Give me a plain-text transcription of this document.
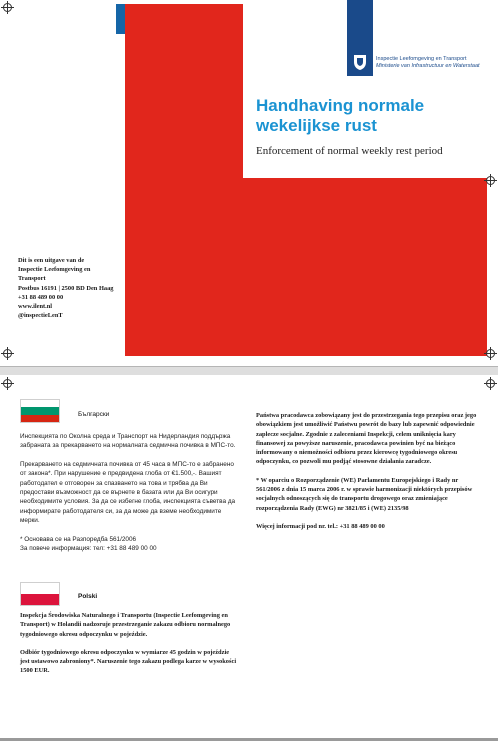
Inspectie Leefomgeving en Transport
Ministerie van Infrastructuur en Waterstaat
Handhaving normale
wekelijkse rust
Enforcement of normal weekly rest period
Dit is een uitgave van de
Inspectie Leefomgeving en
Transport
Postbus 16191 | 2500 BD Den Haag
+31 88 489 00 00
www.ilent.nl
@inspectieLenT
Български

Инспекцията по Околна среда и Транспорт на Нидерландия поддържа забраната за прекарването на нормалната седмична почивка в МПС-то.

Прекарването на седмичната почивка от 45 часа в МПС-то е забранено от закона*. При нарушение е предвидена глоба от €1.500,-. Вашият работодател е отговорен за спазването на това и трябва да Ви предостави възможност да се върнете в базата или да Ви осигури необходимите условия. За да се избегне глоба, инспекцията съветва да информирате работодателя си, за да може да вземе необходимите мерки.

* Основава се на Разпоредба 561/2006
За повече информация: тел: +31 88 489 00 00
Polski

Inspekcja Środowiska Naturalnego i Transportu (Inspectie Leefomgeving en Transport) w Holandii nadzoruje przestrzeganie zakazu odbioru normalnego tygodniowego okresu odpoczynku w pojeździe.

Odbiór tygodniowego okresu odpoczynku w wymiarze 45 godzin w pojeździe jest ustawowo zabroniony*. Naruszenie tego zakazu podlega karze w wysokości 1500 EUR.

Państwa pracodawca zobowiązany jest do przestrzegania tego przepisu oraz jego obowiązkiem jest umożliwić Państwu powrót do bazy lub zapewnić odpowiednie zaplecze socjalne. Zgodnie z zaleceniami Inspekcji, celem uniknięcia kary finansowej za powyższe naruszenie, pracodawca powinien być na bieżąco informowany o niemożności odbioru przez kierowcę tygodniowego okresu odpoczynku, co pozwoli mu podjąć stosowne działania zaradcze.

* W oparciu o Rozporządzenie (WE) Parlamentu Europejskiego i Rady nr 561/2006 z dnia 15 marca 2006 r. w sprawie harmonizacji niektórych przepisów socjalnych odnoszących się do transportu drogowego oraz zmieniające rozporządzenia Rady (EWG) nr 3821/85 i (WE) 2135/98

Więcej informacji pod nr. tel.: +31 88 489 00 00
